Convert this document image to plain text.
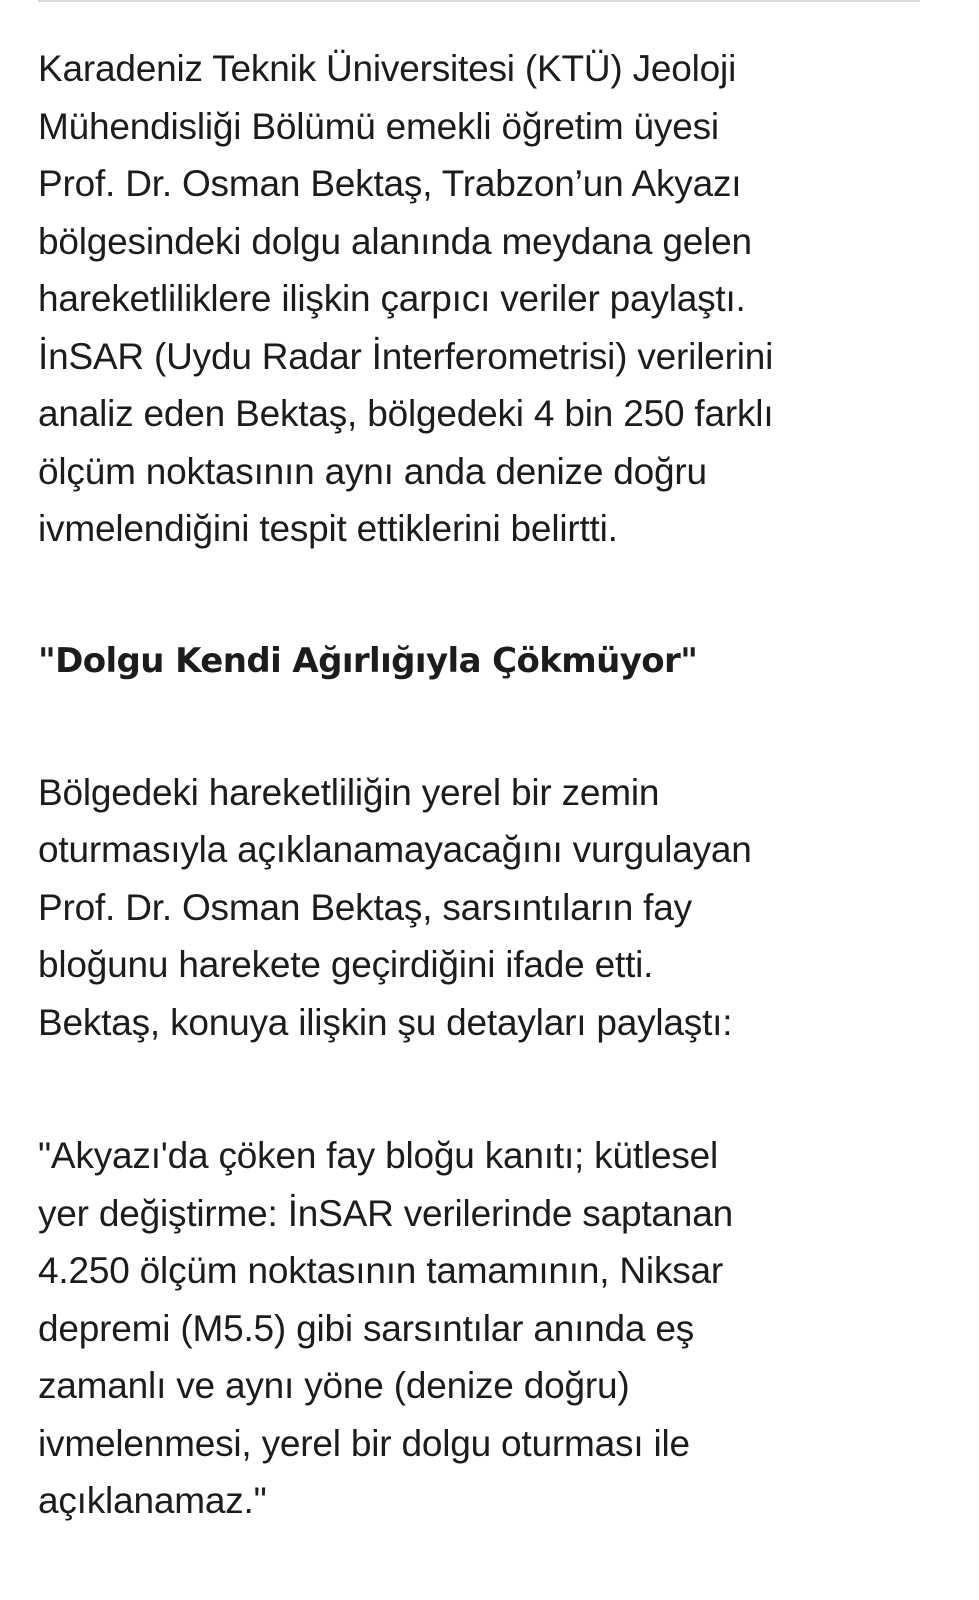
Karadeniz Teknik Üniversitesi (KTÜ) Jeoloji
Mühendisliği Bölümü emekli öğretim üyesi
Prof. Dr. Osman Bektaş, Trabzon’un Akyazı
bölgesindeki dolgu alanında meydana gelen
hareketliliklere ilişkin çarpıcı veriler paylaştı.
İnSAR (Uydu Radar İnterferometrisi) verilerini
analiz eden Bektaş, bölgedeki 4 bin 250 farklı
ölçüm noktasının aynı anda denize doğru
ivmelendiğini tespit ettiklerini belirtti.

"Dolgu Kendi Ağırlığıyla Çökmüyor"

Bölgedeki hareketliliğin yerel bir zemin
oturmasıyla açıklanamayacağını vurgulayan
Prof. Dr. Osman Bektaş, sarsıntıların fay
bloğunu harekete geçirdiğini ifade etti.
Bektaş, konuya ilişkin şu detayları paylaştı:

"Akyazı'da çöken fay bloğu kanıtı; kütlesel
yer değiştirme: İnSAR verilerinde saptanan
4.250 ölçüm noktasının tamamının, Niksar
depremi (M5.5) gibi sarsıntılar anında eş
zamanlı ve aynı yöne (denize doğru)
ivmelenmesi, yerel bir dolgu oturması ile
açıklanamaz."
